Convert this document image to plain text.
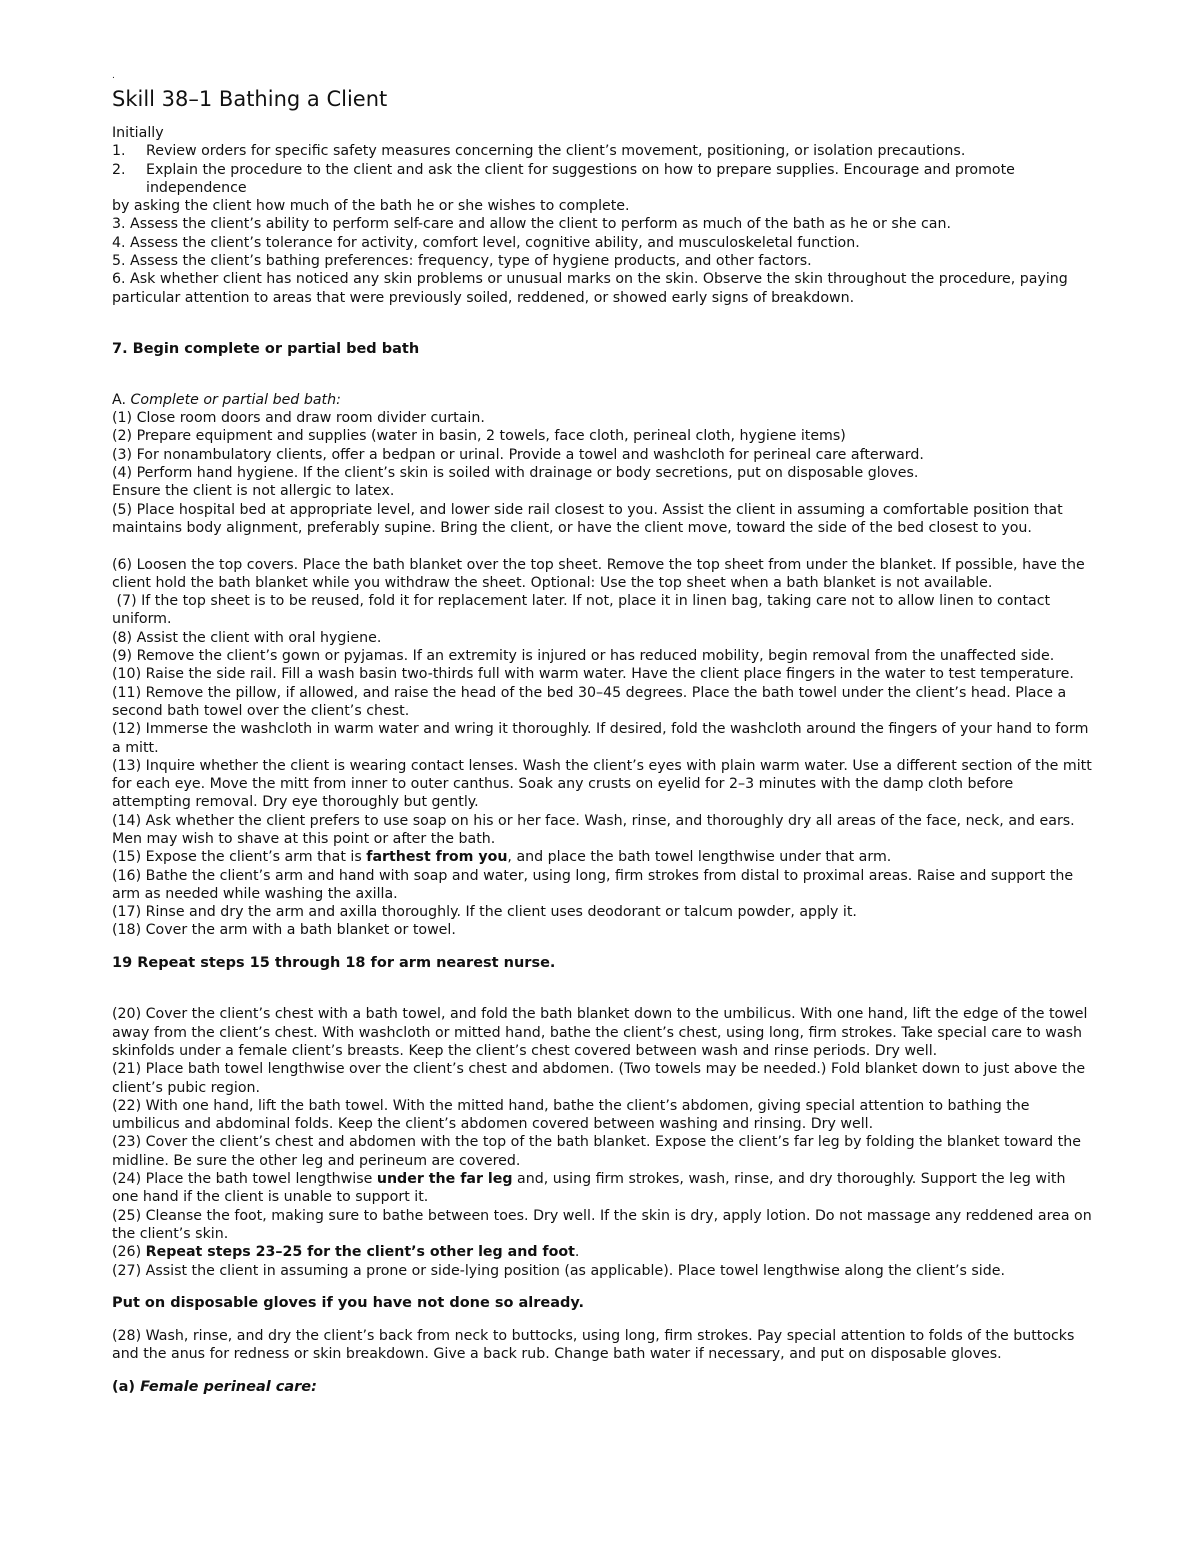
.
Skill 38–1 Bathing a Client

Initially

1.	Review orders for specific safety measures concerning the client’s movement, positioning, or isolation precautions.
2.	Explain the procedure to the client and ask the client for suggestions on how to prepare supplies. Encourage and promote independence

by asking the client how much of the bath he or she wishes to complete.

3. Assess the client’s ability to perform self-care and allow the client to perform as much of the bath as he or she can.

4. Assess the client’s tolerance for activity, comfort level, cognitive ability, and musculoskeletal function.

5. Assess the client’s bathing preferences: frequency, type of hygiene products, and other factors.

6. Ask whether client has noticed any skin problems or unusual marks on the skin. Observe the skin throughout the procedure, paying

particular attention to areas that were previously soiled, reddened, or showed early signs of breakdown.

7. Begin complete or partial bed bath

A. Complete or partial bed bath:

(1) Close room doors and draw room divider curtain.

(2) Prepare equipment and supplies (water in basin, 2 towels, face cloth, perineal cloth, hygiene items)

(3) For nonambulatory clients, offer a bedpan or urinal. Provide a towel and washcloth for perineal care afterward.

(4) Perform hand hygiene. If the client’s skin is soiled with drainage or body secretions, put on disposable gloves.

Ensure the client is not allergic to latex.

(5) Place hospital bed at appropriate level, and lower side rail closest to you. Assist the client in assuming a comfortable position that maintains body alignment, preferably supine. Bring the client, or have the client move, toward the side of the bed closest to you.

(6) Loosen the top covers. Place the bath blanket over the top sheet. Remove the top sheet from under the blanket. If possible, have the client hold the bath blanket while you withdraw the sheet. Optional: Use the top sheet when a bath blanket is not available.

(7) If the top sheet is to be reused, fold it for replacement later. If not, place it in linen bag, taking care not to allow linen to contact uniform.

(8) Assist the client with oral hygiene.

(9) Remove the client’s gown or pyjamas. If an extremity is injured or has reduced mobility, begin removal from the unaffected side.

(10) Raise the side rail. Fill a wash basin two-thirds full with warm water. Have the client place fingers in the water to test temperature.

(11) Remove the pillow, if allowed, and raise the head of the bed 30–45 degrees. Place the bath towel under the client’s head. Place a second bath towel over the client’s chest.

(12) Immerse the washcloth in warm water and wring it thoroughly. If desired, fold the washcloth around the fingers of your hand to form a mitt.

(13) Inquire whether the client is wearing contact lenses. Wash the client’s eyes with plain warm water. Use a different section of the mitt for each eye. Move the mitt from inner to outer canthus. Soak any crusts on eyelid for 2–3 minutes with the damp cloth before attempting removal. Dry eye thoroughly but gently.

(14) Ask whether the client prefers to use soap on his or her face. Wash, rinse, and thoroughly dry all areas of the face, neck, and ears. Men may wish to shave at this point or after the bath.

(15) Expose the client’s arm that is farthest from you, and place the bath towel lengthwise under that arm.

(16) Bathe the client’s arm and hand with soap and water, using long, firm strokes from distal to proximal areas. Raise and support the arm as needed while washing the axilla.

(17) Rinse and dry the arm and axilla thoroughly. If the client uses deodorant or talcum powder, apply it.

(18) Cover the arm with a bath blanket or towel.

19 Repeat steps 15 through 18 for arm nearest nurse.

(20) Cover the client’s chest with a bath towel, and fold the bath blanket down to the umbilicus. With one hand, lift the edge of the towel away from the client’s chest. With washcloth or mitted hand, bathe the client’s chest, using long, firm strokes. Take special care to wash skinfolds under a female client’s breasts. Keep the client’s chest covered between wash and rinse periods. Dry well.

(21) Place bath towel lengthwise over the client’s chest and abdomen. (Two towels may be needed.) Fold blanket down to just above the client’s pubic region.

(22) With one hand, lift the bath towel. With the mitted hand, bathe the client’s abdomen, giving special attention to bathing the umbilicus and abdominal folds. Keep the client’s abdomen covered between washing and rinsing. Dry well.

(23) Cover the client’s chest and abdomen with the top of the bath blanket. Expose the client’s far leg by folding the blanket toward the midline. Be sure the other leg and perineum are covered.

(24) Place the bath towel lengthwise under the far leg and, using firm strokes, wash, rinse, and dry thoroughly. Support the leg with one hand if the client is unable to support it.

(25) Cleanse the foot, making sure to bathe between toes. Dry well. If the skin is dry, apply lotion. Do not massage any reddened area on the client’s skin.

(26) Repeat steps 23–25 for the client’s other leg and foot.

(27) Assist the client in assuming a prone or side-lying position (as applicable). Place towel lengthwise along the client’s side.

Put on disposable gloves if you have not done so already.

(28) Wash, rinse, and dry the client’s back from neck to buttocks, using long, firm strokes. Pay special attention to folds of the buttocks and the anus for redness or skin breakdown. Give a back rub. Change bath water if necessary, and put on disposable gloves.

(a) Female perineal care:
